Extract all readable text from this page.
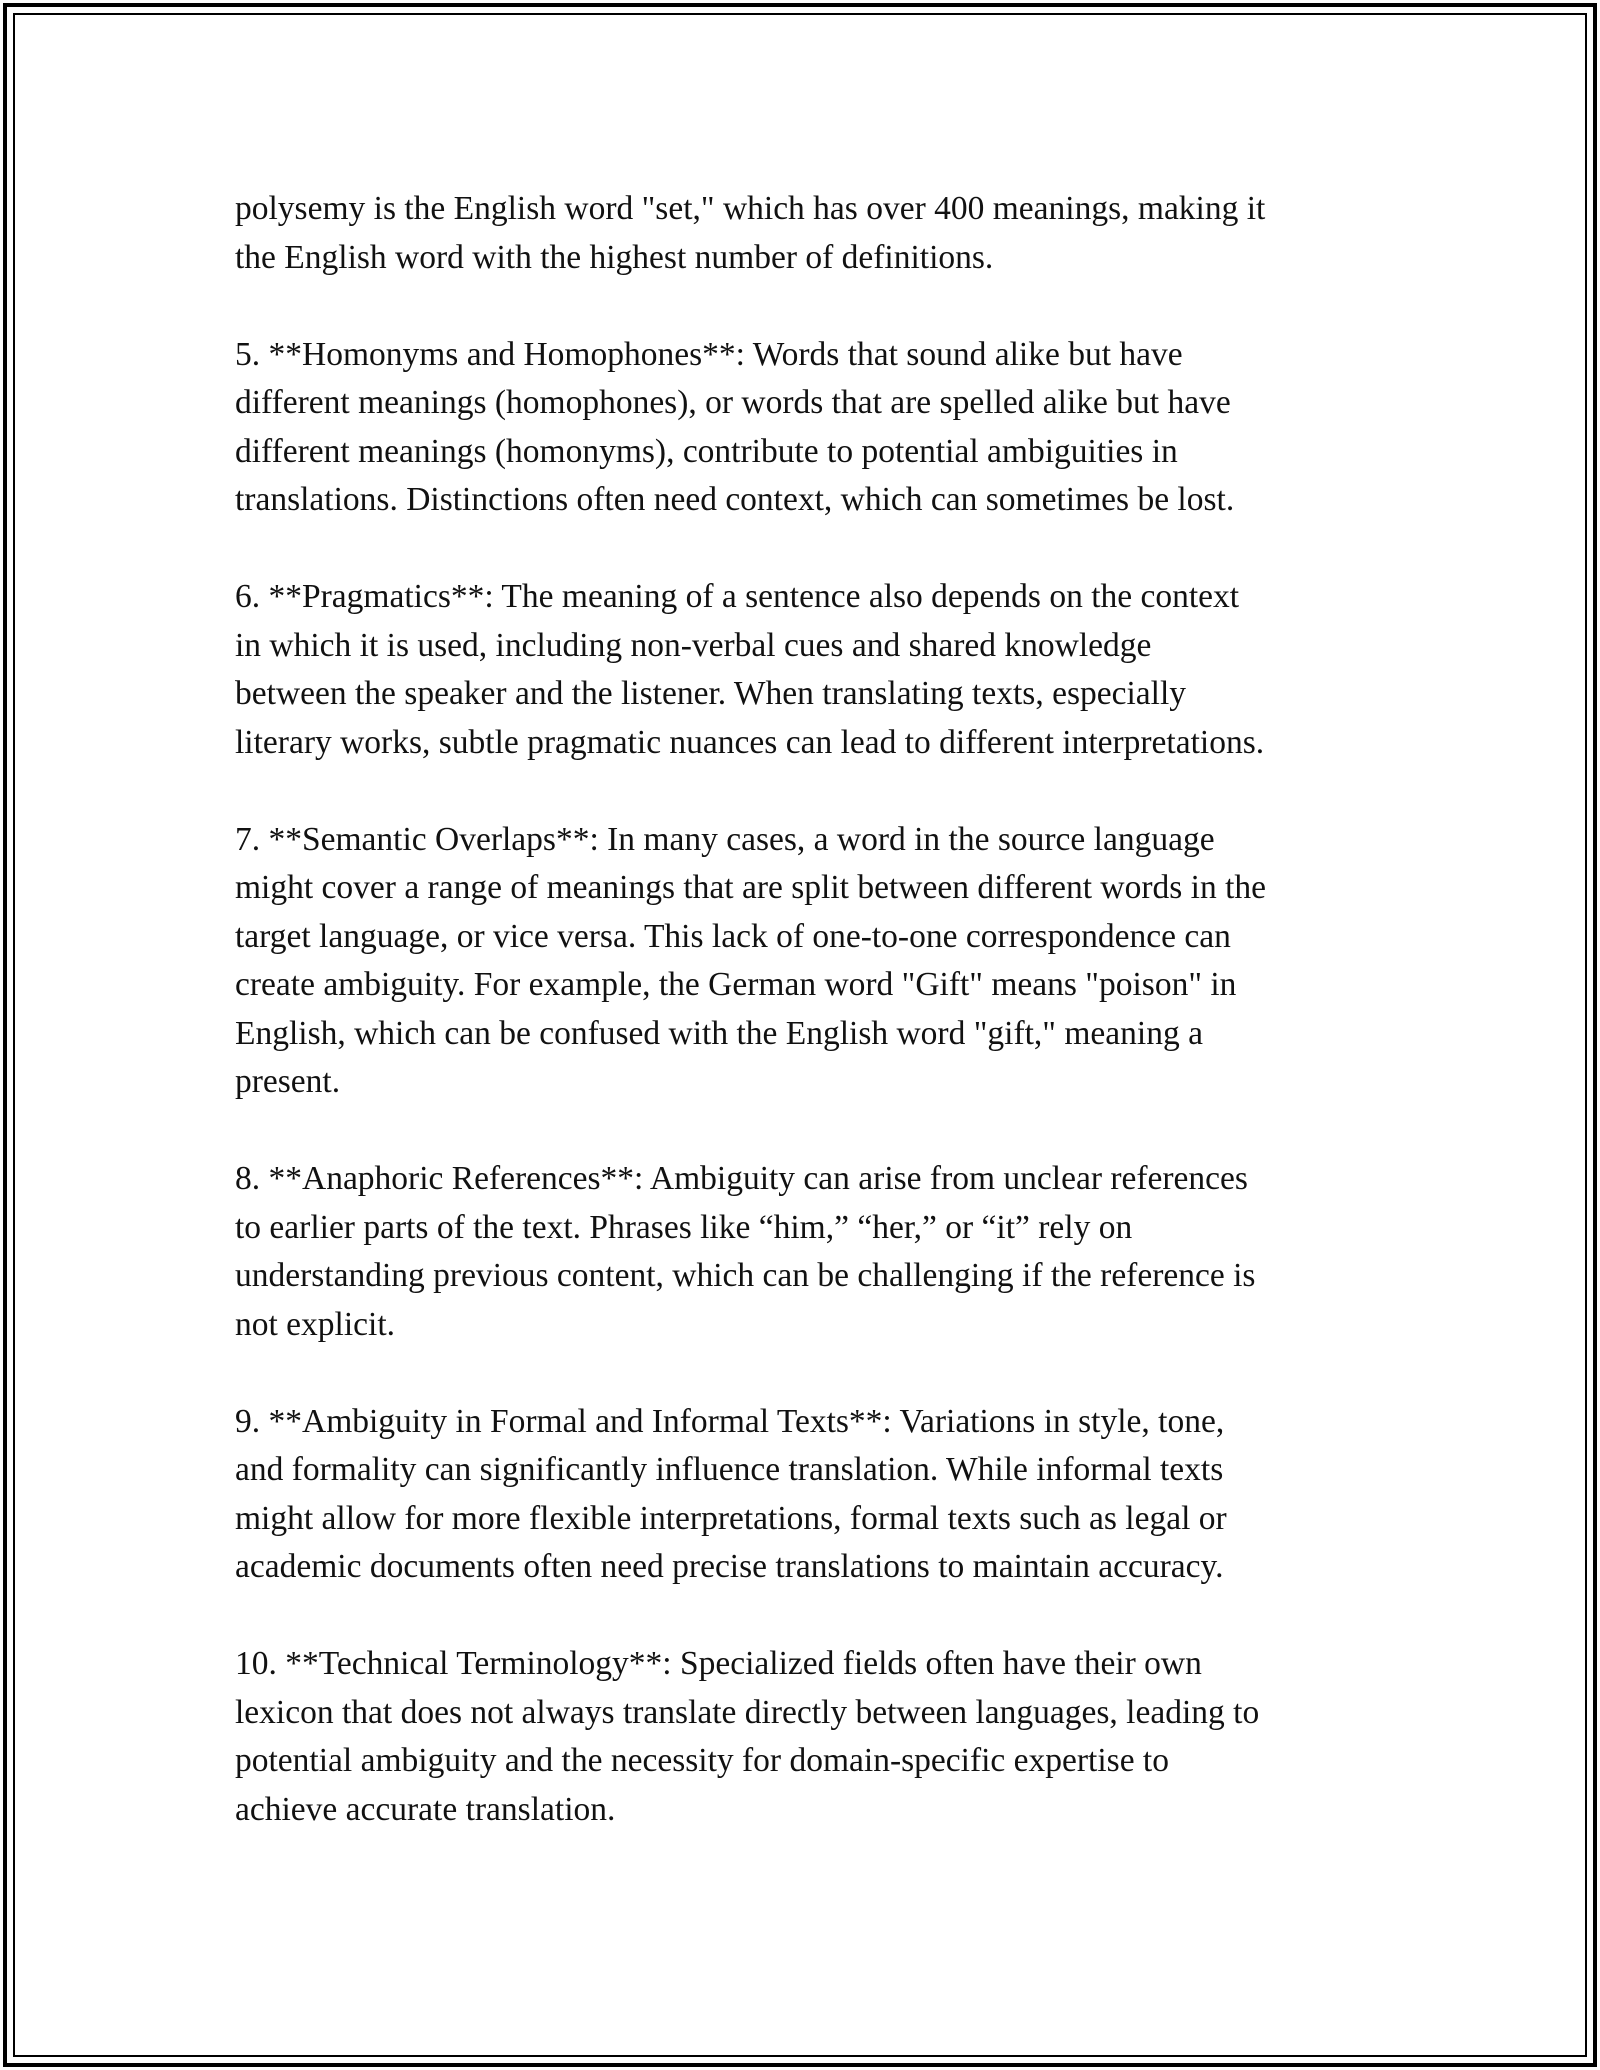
polysemy is the English word "set," which has over 400 meanings, making it
the English word with the highest number of definitions.

5. **Homonyms and Homophones**: Words that sound alike but have
different meanings (homophones), or words that are spelled alike but have
different meanings (homonyms), contribute to potential ambiguities in
translations. Distinctions often need context, which can sometimes be lost.

6. **Pragmatics**: The meaning of a sentence also depends on the context
in which it is used, including non-verbal cues and shared knowledge
between the speaker and the listener. When translating texts, especially
literary works, subtle pragmatic nuances can lead to different interpretations.

7. **Semantic Overlaps**: In many cases, a word in the source language
might cover a range of meanings that are split between different words in the
target language, or vice versa. This lack of one-to-one correspondence can
create ambiguity. For example, the German word "Gift" means "poison" in
English, which can be confused with the English word "gift," meaning a
present.

8. **Anaphoric References**: Ambiguity can arise from unclear references
to earlier parts of the text. Phrases like “him,” “her,” or “it” rely on
understanding previous content, which can be challenging if the reference is
not explicit.

9. **Ambiguity in Formal and Informal Texts**: Variations in style, tone,
and formality can significantly influence translation. While informal texts
might allow for more flexible interpretations, formal texts such as legal or
academic documents often need precise translations to maintain accuracy.

10. **Technical Terminology**: Specialized fields often have their own
lexicon that does not always translate directly between languages, leading to
potential ambiguity and the necessity for domain-specific expertise to
achieve accurate translation.
